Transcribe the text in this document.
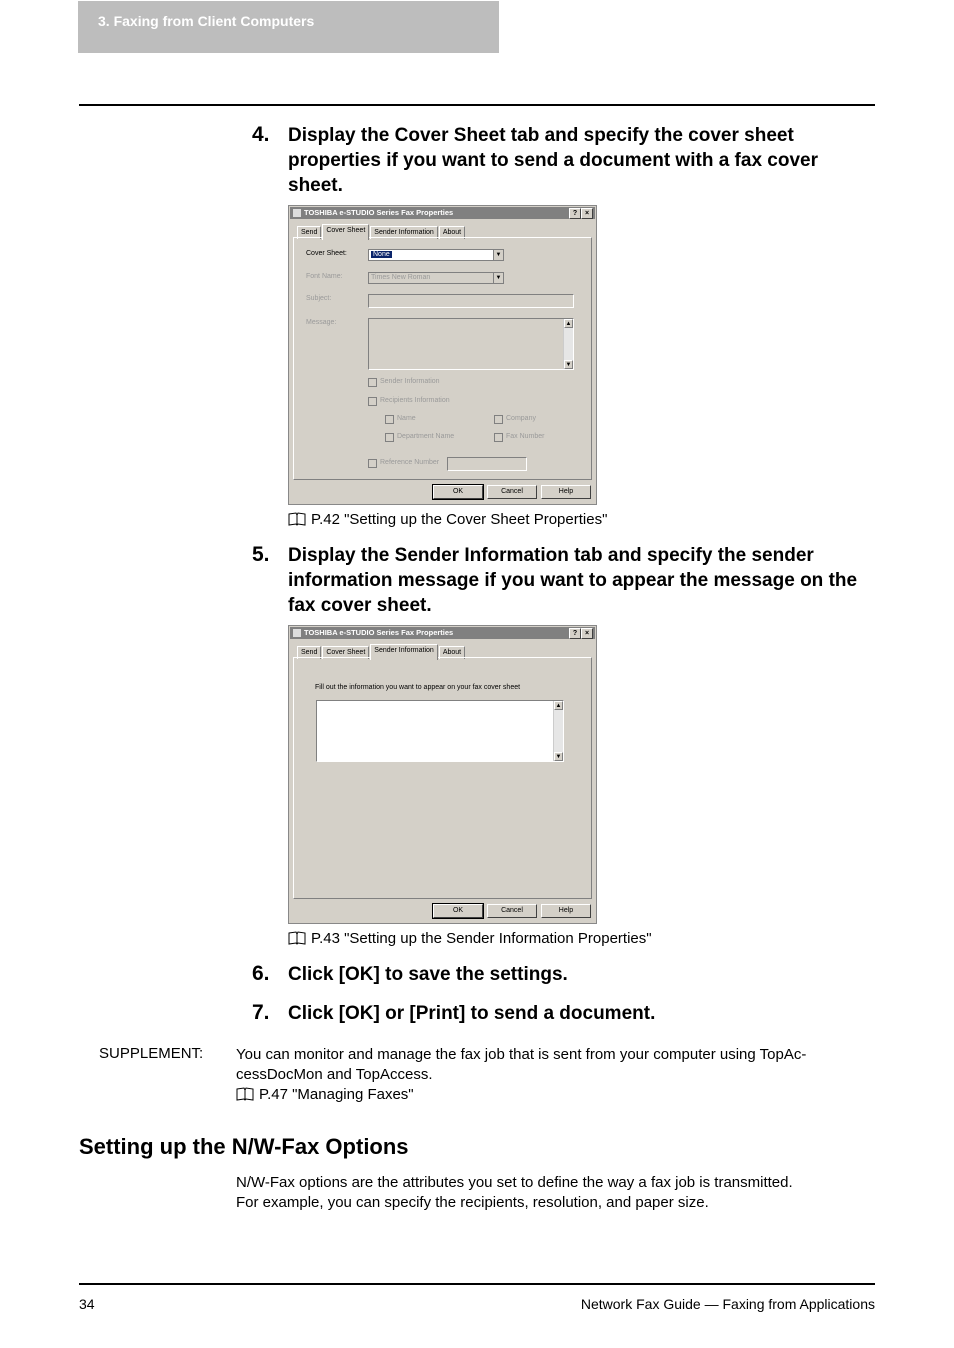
3. Faxing from Client Computers
4. Display the Cover Sheet tab and specify the cover sheet properties if you want to send a document with a fax cover sheet.
TOSHIBA e-STUDIO Series Fax Properties	?	×
Send	Cover Sheet	Sender Information	About
Cover Sheet:	None	▼
Font Name:	Times New Roman	▼
Subject:
Message:	▲
▼
Sender Information
Recipients Information
Name	Company
Department Name	Fax Number
Reference Number
OK	Cancel	Help
P.42 "Setting up the Cover Sheet Properties"
5. Display the Sender Information tab and specify the sender information message if you want to appear the message on the fax cover sheet.
TOSHIBA e-STUDIO Series Fax Properties	?	×
Send	Cover Sheet	Sender Information	About
Fill out the information you want to appear on your fax cover sheet
▲
▼
OK	Cancel	Help
P.43 "Setting up the Sender Information Properties"
6. Click [OK] to save the settings.
7. Click [OK] or [Print] to send a document.
SUPPLEMENT: You can monitor and manage the fax job that is sent from your computer using TopAc-
cessDocMon and TopAccess.
P.47 "Managing Faxes"
Setting up the N/W-Fax Options
N/W-Fax options are the attributes you set to define the way a fax job is transmitted.
For example, you can specify the recipients, resolution, and paper size.
34	Network Fax Guide — Faxing from Applications
